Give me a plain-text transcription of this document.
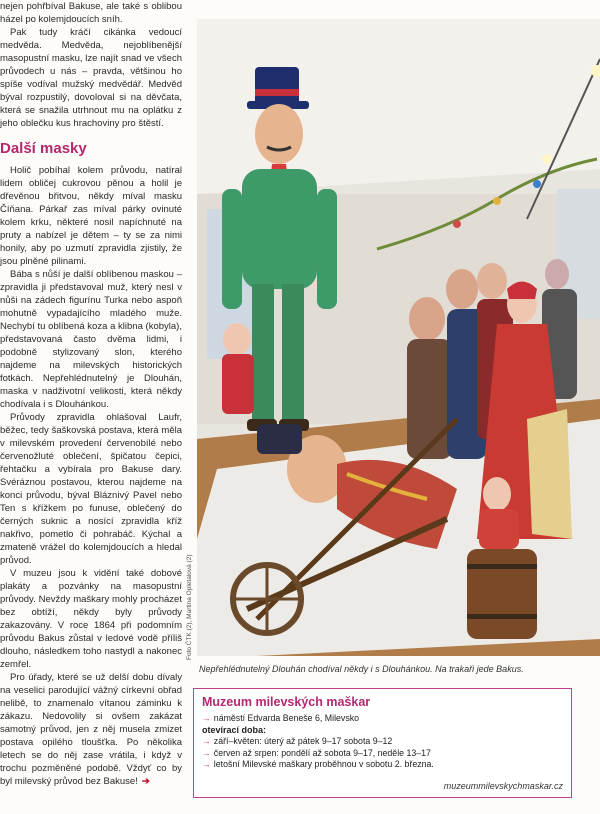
nejen pohřbíval Bakuse, ale také s oblibou házel po kolemjdoucích sníh.

Pak tudy kráčí cikánka vedoucí medvěda. Medvěda, nejoblíbenější masopustní masku, lze najít snad ve všech průvodech u nás – pravda, většinou ho spíše vodíval mužský medvědář. Medvěd býval rozpustilý, dovoloval si na děvčata, která se snažila utrhnout mu na oplátku z jeho oblečku kus hrachoviny pro štěstí.

Další masky

Holič pobíhal kolem průvodu, natíral lidem obličej cukrovou pěnou a holil je dřevěnou břitvou, někdy míval masku Číňana. Párkař zas míval párky ovinuté kolem krku, některé nosil napíchnuté na pruty a nabízel je dětem – ty se za nimi honily, aby po uzmutí zpravidla zjistily, že jsou plněné pilinami.

Bába s nůší je další oblíbenou maskou – zpravidla ji představoval muž, který nesl v nůši na zádech figurínu Turka nebo aspoň mohutně vypadajícího mladého muže. Nechybí tu oblíbená koza a klibna (kobyla), představovaná často dvěma lidmi, i podobně stylizovaný slon, kterého najdeme na milevských historických fotkách. Nepřehlédnutelný je Dlouhán, maska v nadživotní velikosti, která někdy chodívala i s Dlouhánkou.

Průvody zpravidla ohlašoval Laufr, běžec, tedy šaškovská postava, která měla v milevském provedení červenobílé nebo červenožluté oblečení, špičatou čepici, řehtačku a vybírala pro Bakuse dary. Svéráznou postavou, kterou najdeme na konci průvodu, býval Bláznivý Pavel nebo Ten s křížkem po funuse, oblečený do černých suknic a nosící zpravidla kříž nakřivo, pometlo či pohrabáč. Kýchal a zmateně vrážel do kolemjdoucích a hledal průvod.

V muzeu jsou k vidění také dobové plakáty a pozvánky na masopustní průvody. Nevždy maškary mohly procházet bez obtíží, někdy byly průvody zakazovány. V roce 1864 při podomním průvodu Bakus zůstal v ledové vodě příliš dlouho, následkem toho nastydl a nakonec zemřel.

Pro úřady, které se už delší dobu dívaly na veselici parodující vážný církevní obřad nelibě, to znamenalo vítanou záminku k zákazu. Nedovolily si ovšem zakázat samotný průvod, jen z něj musela zmizet postava opilého tloušťka. Po několika letech se do něj zase vrátila, i když v trochu pozměněné podobě. Vždyť co by byl milevský průvod bez Bakuse! ➔

Foto ČTK (2), Martina Opletalová (2)
Nepřehlédnutelný Dlouhán chodíval někdy i s Dlouhánkou. Na trakaři jede Bakus.
Muzeum milevských maškar
→ náměstí Edvarda Beneše 6, Milevsko
otevírací doba:
→ září–květen: úterý až pátek 9–17 sobota 9–12
→ červen až srpen: pondělí až sobota 9–17, neděle 13–17
→ letošní Milevské maškary proběhnou v sobotu 2. března.
muzeummilevskychmaskar.cz
